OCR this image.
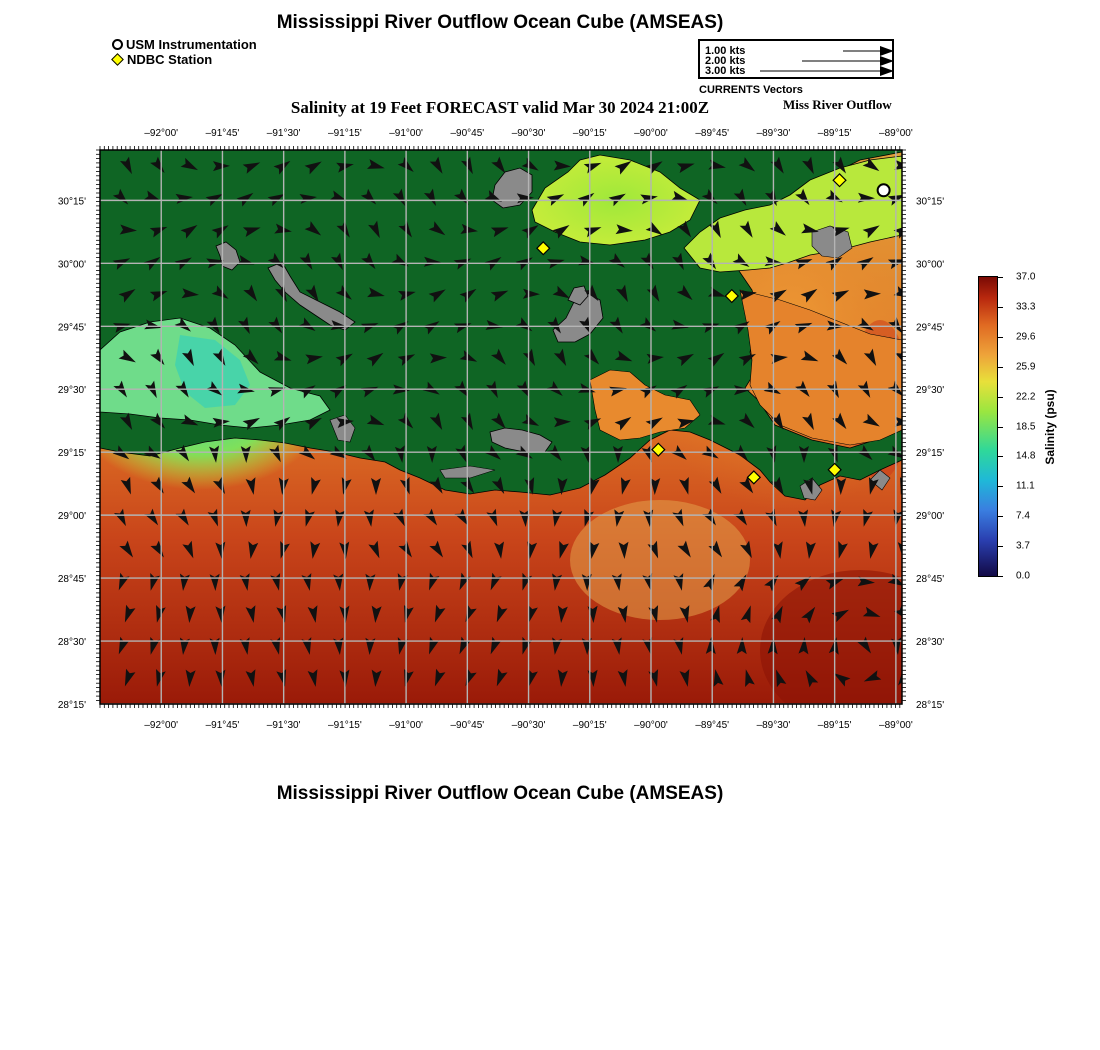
Mississippi River Outflow Ocean Cube (AMSEAS)
USM Instrumentation
NDBC Station
1.00 kts
2.00 kts
3.00 kts
CURRENTS Vectors
Salinity at 19 Feet FORECAST valid Mar 30 2024 21:00Z	Miss River Outflow
–92°00'
–92°00'
–91°45'
–91°45'
–91°30'
–91°30'
–91°15'
–91°15'
–91°00'
–91°00'
–90°45'
–90°45'
–90°30'
–90°30'
–90°15'
–90°15'
–90°00'
–90°00'
–89°45'
–89°45'
–89°30'
–89°30'
–89°15'
–89°15'
–89°00'
–89°00'
30°15'	30°15'
30°00'	30°00'
29°45'	29°45'
29°30'	29°30'
29°15'	29°15'
29°00'	29°00'
28°45'	28°45'
28°30'	28°30'
28°15'	28°15'
37.0
33.3
29.6
25.9
22.2
18.5
14.8
11.1
7.4
3.7
0.0
Salinity (psu)
Mississippi River Outflow Ocean Cube (AMSEAS)
